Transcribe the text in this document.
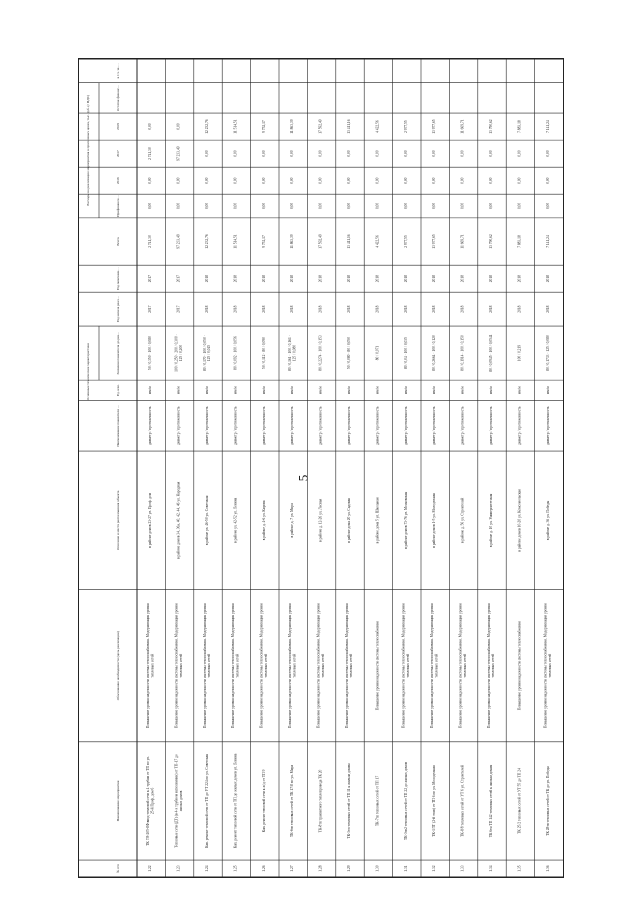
5
Основные технические характеристики
Расходы на реализацию мероприятия в прогнозных ценах, тыс. руб. (с НДС)
№ п/п
Наименование мероприятия
Обоснование необходимости (цель реализации)
Описание и место расположения объекта
Наименование показателя …
Ед. изм.
Значения показателя до реа…
Год начала реал…
Год окончани…
Всего
Профинанси…
2016
2017
2018
Остаток финанс…
в т.ч. за …
1.22
ТК 7/8-205-8Ф ввод тепловой сети к 4 трубам от ТП по ул. 25-й Проф. дом 6
Повышение уровня надежности системы теплоснабжения. Модернизация уровня тепловых сетей
в районе домов 23-27 ул. Проф. дом
диаметр / протяженность
мм/м
50 / 0,350 · 100 / 0,080
2017
2017
2 741,30
0,00
0,00
2 741,30
0,00
1.23
Тепловые сети (ДТ) (в 4-х трубном исполнении) от ТП-17 до жилых домов
Повышение уровня надежности системы теплоснабжения. Модернизация уровня тепловых сетей
в районе домов 34, 36а, 40, 42, 44, 46 ул. Народная
диаметр / протяженность
мм/м
100 / 0,250 · 200 / 0,300 · 125 / 0,200
2017
2017
97 233,49
0,00
0,00
97 233,49
0,00
1.24
Кап. ремонт тепловой сети от ТП до УТ 224 по ул. Советская
Повышение уровня надежности системы теплоснабжения. Модернизация уровня тепловых сетей
в районе ул. 46-50 ул. Советская
диаметр / протяженность
мм/м
80 / 0,170 · 100 / 0,050 · 125 / 0,045
2018
2018
12 232,76
0,00
0,00
0,00
12 232,76
1.25
Кап. ремонт тепловой сети от ТП до жилых домов ул. Ленина
Повышение уровня надежности системы теплоснабжения. Модернизация уровня тепловых сетей
в районе ул. 42-52 ул. Ленина
диаметр / протяженность
мм/м
80 / 0,092 · 100 / 0,056
2018
2018
11 514,51
0,00
0,00
0,00
11 514,51
1.26
Кап. ремонт тепловой сети к ж/д от ТП 9
Повышение уровня надежности системы теплоснабжения. Модернизация уровня тепловых сетей
в районе д. 4-6 ул. Кирова
диаметр / протяженность
мм/м
50 / 0,112 · 80 / 0,090
2018
2018
9 752,17
0,00
0,00
0,00
9 752,17
1.27
ТК-6тп тепловых сетей от ТК 17/8 по ул. Мира
Повышение уровня надежности системы теплоснабжения. Модернизация уровня тепловых сетей
в районе д. 7 ул. Мира
диаметр / протяженность
мм/м
80 / 0,161 · 100 / 0,161 · 125 / 0,080
2018
2018
11 863,39
0,00
0,00
0,00
11 863,39
1.28
ТК-8тп транзитного теплопровода ТК 20
Повышение уровня надежности системы теплоснабжения. Модернизация уровня тепловых сетей
в районе д. 12-26 ул. Лесная
диаметр / протяженность
мм/м
80 / 0,2274 · 100 / 0,153
2018
2018
17 592,49
0,00
0,00
0,00
17 592,49
1.29
ТК-3тп тепловых сетей от ТП 11 к жилым домам
Повышение уровня надежности системы теплоснабжения. Модернизация уровня тепловых сетей
в районе дома 20 ул. Садовая
диаметр / протяженность
мм/м
50 / 0,080 · 80 / 0,050
2018
2018
13 411,16
0,00
0,00
0,00
13 411,16
1.30
ТК-7тп тепловых сетей от ТП 17
Повышение уровня надежности системы теплоснабжения
в районе дома 5 ул. Школьная
диаметр / протяженность
мм/м
80 / 0,071
2018
2018
4 422,56
0,00
0,00
0,00
4 422,56
1.31
ТК-3тп2 тепловых сетей от ТП 22 до жилых домов
Повышение уровня надежности системы теплоснабжения. Модернизация уровня тепловых сетей
в районе домов 73-76 ул. Московская
диаметр / протяженность
мм/м
80 / 0,04 · 100 / 0,035
2018
2018
2 977,55
0,00
0,00
0,00
2 977,55
1.32
ТК-1/ТГ (2-й этап) от ТП 6 по ул. Молодежная
Повышение уровня надежности системы теплоснабжения. Модернизация уровня тепловых сетей
в районе домов 1-5 ул. Молодежная
диаметр / протяженность
мм/м
80 / 0,2664 · 100 / 0,120
2018
2018
13 977,65
0,00
0,00
0,00
13 977,65
1.33
ТК-8/8 тепловых сетей от УТ 6 ул. Строителей
Повышение уровня надежности системы теплоснабжения. Модернизация уровня тепловых сетей
в районе д. 56 ул. Строителей
диаметр / протяженность
мм/м
80 / 0,1914 · 100 / 0,150
2018
2018
11 669,71
0,00
0,00
0,00
11 669,71
1.34
ТК 6тн ТП 142 тепловых сетей к жилым домам
Повышение уровня надежности системы теплоснабжения. Модернизация уровня тепловых сетей
в районе д. 10 ул. Университетская
диаметр / протяженность
мм/м
80 / 0,0945 · 100 / 0,0541
2018
2018
13 790,62
0,00
0,00
0,00
13 790,62
1.35
ТК 25/2 тепловых сетей от УТ 55 до ТП 24
Повышение уровня надежности системы теплоснабжения
в районе домов 10-20 ул. Комсомольская
диаметр / протяженность
мм/м
100 / 0,219
2018
2018
7 883,18
0,00
0,00
0,00
7 883,18
1.36
ТК 28тп тепловых сетей от ТК до ул. Победы
Повышение уровня надежности системы теплоснабжения. Модернизация уровня тепловых сетей
в районе д. 36 ул. Победы
диаметр / протяженность
мм/м
80 / 0,1733 · 125 / 0,080
2018
2018
7 141,24
0,00
0,00
0,00
7 141,24
